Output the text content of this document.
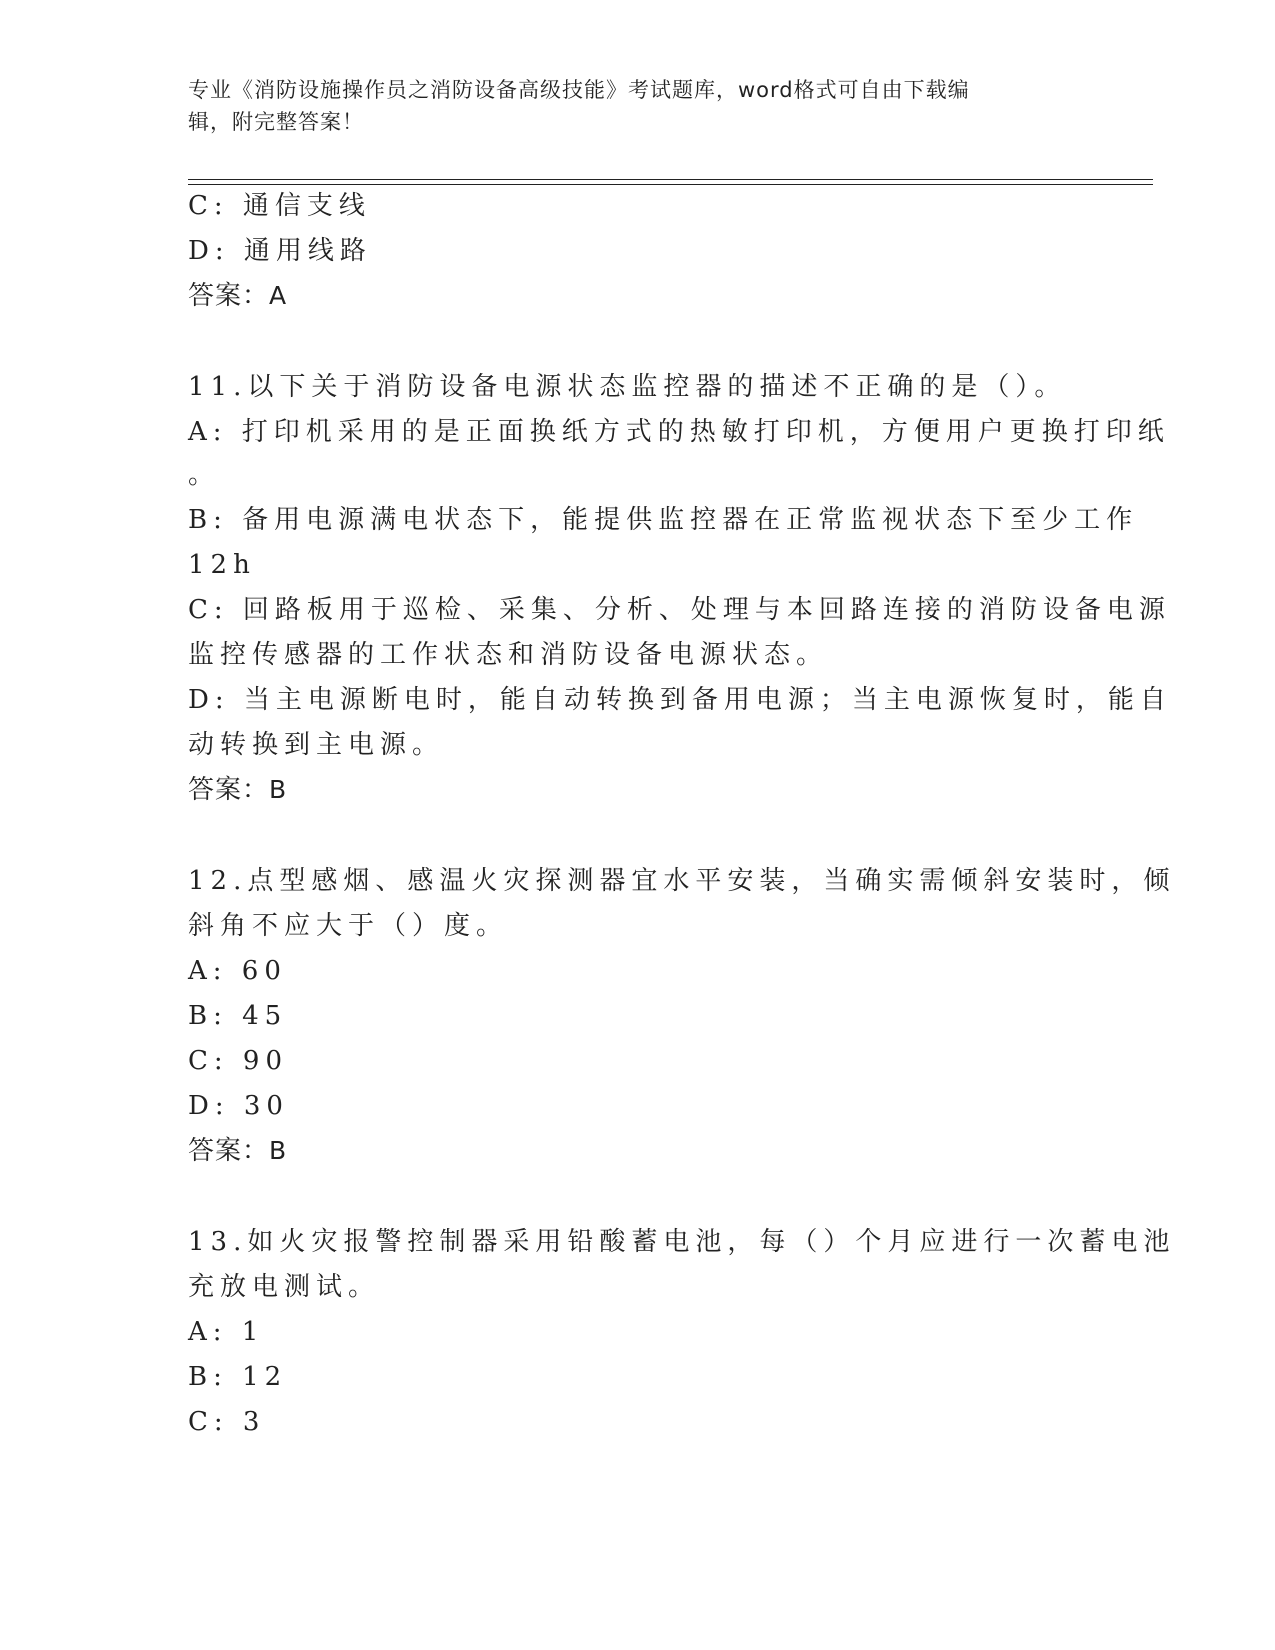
专业《消防设施操作员之消防设备高级技能》考试题库，word格式可自由下载编
辑，附完整答案！
C: 通信支线
D: 通用线路
答案：A
11.以下关于消防设备电源状态监控器的描述不正确的是（）。
A: 打印机采用的是正面换纸方式的热敏打印机，方便用户更换打印纸
。
B: 备用电源满电状态下，能提供监控器在正常监视状态下至少工作
12h
C: 回路板用于巡检、采集、分析、处理与本回路连接的消防设备电源
监控传感器的工作状态和消防设备电源状态。
D: 当主电源断电时，能自动转换到备用电源；当主电源恢复时，能自
动转换到主电源。
答案：B
12.点型感烟、感温火灾探测器宜水平安装，当确实需倾斜安装时，倾
斜角不应大于（）度。
A: 60
B: 45
C: 90
D: 30
答案：B
13.如火灾报警控制器采用铅酸蓄电池，每（）个月应进行一次蓄电池
充放电测试。
A: 1
B: 12
C: 3
